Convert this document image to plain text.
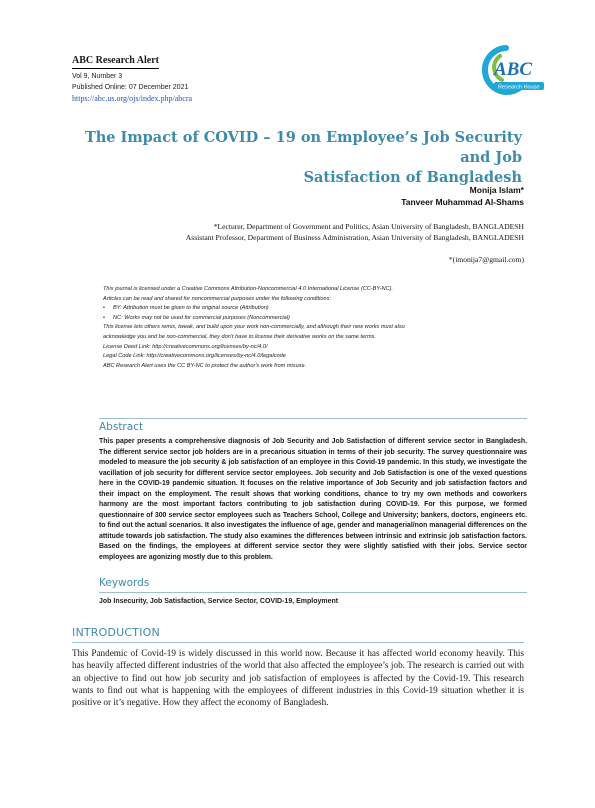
ABC Research Alert
Vol 9, Number 3
Published Online: 07 December 2021
https://abc.us.org/ojs/index.php/abcra
ABC
Research House
The Impact of COVID – 19 on Employee’s Job Security and Job
Satisfaction of Bangladesh
Monija Islam*
Tanveer Muhammad Al-Shams
*Lecturer, Department of Government and Politics, Asian University of Bangladesh, BANGLADESH
Assistant Professor, Department of Business Administration, Asian University of Bangladesh, BANGLADESH
*(imonija7@gmail.com)
This journal is licensed under a Creative Commons Attribution-Noncommercial 4.0 International License (CC-BY-NC).
Articles can be read and shared for noncommercial purposes under the following conditions:
• BY: Attribution must be given to the original source (Attribution)
• NC: Works may not be used for commercial purposes (Noncommercial)
This license lets others remix, tweak, and build upon your work non-commercially, and although their new works must also
acknowledge you and be non-commercial, they don’t have to license their derivative works on the same terms.
License Deed Link: http://creativecommons.org/licenses/by-nc/4.0/
Legal Code Link: http://creativecommons.org/licenses/by-nc/4.0/legalcode
ABC Research Alert uses the CC BY-NC to protect the author's work from misuse.
Abstract
This paper presents a comprehensive diagnosis of Job Security and Job Satisfaction of different service sector in Bangladesh. The different service sector job holders are in a precarious situation in terms of their job security. The survey questionnaire was modeled to measure the job security & job satisfaction of an employee in this Covid-19 pandemic. In this study, we investigate the vacillation of job security for different service sector employees. Job security and Job Satisfaction is one of the vexed questions here in the COVID-19 pandemic situation. It focuses on the relative importance of Job Security and job satisfaction factors and their impact on the employment. The result shows that working conditions, chance to try my own methods and coworkers harmony are the most important factors contributing to job satisfaction during COVID-19. For this purpose, we formed questionnaire of 300 service sector employees such as Teachers School, College and University; bankers, doctors, engineers etc. to find out the actual scenarios. It also investigates the influence of age, gender and managerial/non managerial differences on the attitude towards job satisfaction. The study also examines the differences between intrinsic and extrinsic job satisfaction factors. Based on the findings, the employees at different service sector they were slightly satisfied with their jobs. Service sector employees are agonizing mostly due to this problem.
Keywords
Job Insecurity, Job Satisfaction, Service Sector, COVID-19, Employment
INTRODUCTION
This Pandemic of Covid-19 is widely discussed in this world now. Because it has affected world economy heavily. This has heavily affected different industries of the world that also affected the employee’s job. The research is carried out with an objective to find out how job security and job satisfaction of employees is affected by the Covid-19. This research wants to find out what is happening with the employees of different industries in this Covid-19 situation whether it is positive or it’s negative. How they affect the economy of Bangladesh.
